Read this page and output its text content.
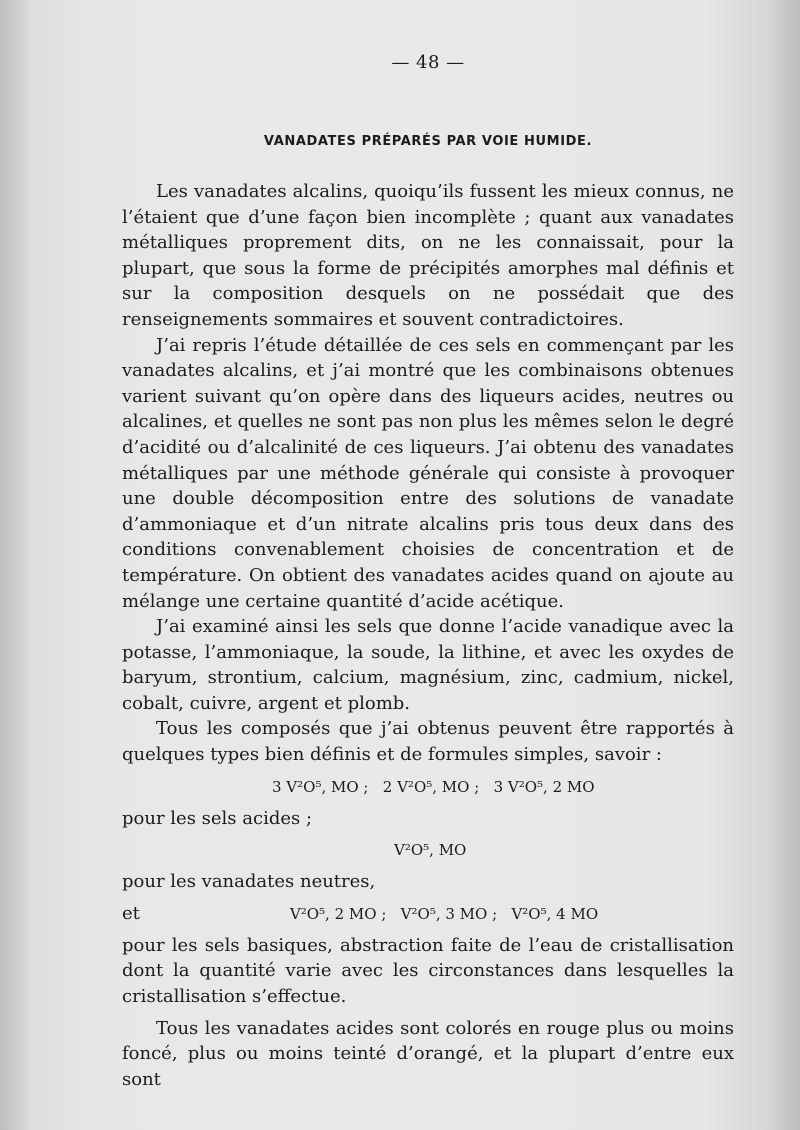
— 48 —
VANADATES PRÉPARÉS PAR VOIE HUMIDE.

Les vanadates alcalins, quoiqu’ils fussent les mieux connus, ne l’étaient que d’une façon bien incomplète ; quant aux vanadates métalliques proprement dits, on ne les connaissait, pour la plupart, que sous la forme de précipités amorphes mal définis et sur la composition desquels on ne possédait que des renseignements sommaires et souvent contradictoires.

J’ai repris l’étude détaillée de ces sels en commençant par les vanadates alcalins, et j’ai montré que les combinaisons obtenues varient suivant qu’on opère dans des liqueurs acides, neutres ou alcalines, et quelles ne sont pas non plus les mêmes selon le degré d’acidité ou d’alcalinité de ces liqueurs. J’ai obtenu des vanadates métalliques par une méthode générale qui consiste à provoquer une double décomposition entre des solutions de vanadate d’ammoniaque et d’un nitrate alcalins pris tous deux dans des conditions convenablement choisies de concentration et de température. On obtient des vanadates acides quand on ajoute au mélange une certaine quantité d’acide acétique.

J’ai examiné ainsi les sels que donne l’acide vanadique avec la potasse, l’ammoniaque, la soude, la lithine, et avec les oxydes de baryum, strontium, calcium, magnésium, zinc, cadmium, nickel, cobalt, cuivre, argent et plomb.

Tous les composés que j’ai obtenus peuvent être rapportés à quelques types bien définis et de formules simples, savoir :

3 V²O⁵, MO ;   2 V²O⁵, MO ;   3 V²O⁵, 2 MO

pour les sels acides ;

V²O⁵, MO

pour les vanadates neutres,

et	V²O⁵, 2 MO ;   V²O⁵, 3 MO ;   V²O⁵, 4 MO

pour les sels basiques, abstraction faite de l’eau de cristallisation dont la quantité varie avec les circonstances dans lesquelles la cristallisation s’effectue.

Tous les vanadates acides sont colorés en rouge plus ou moins foncé, plus ou moins teinté d’orangé, et la plupart d’entre eux sont
